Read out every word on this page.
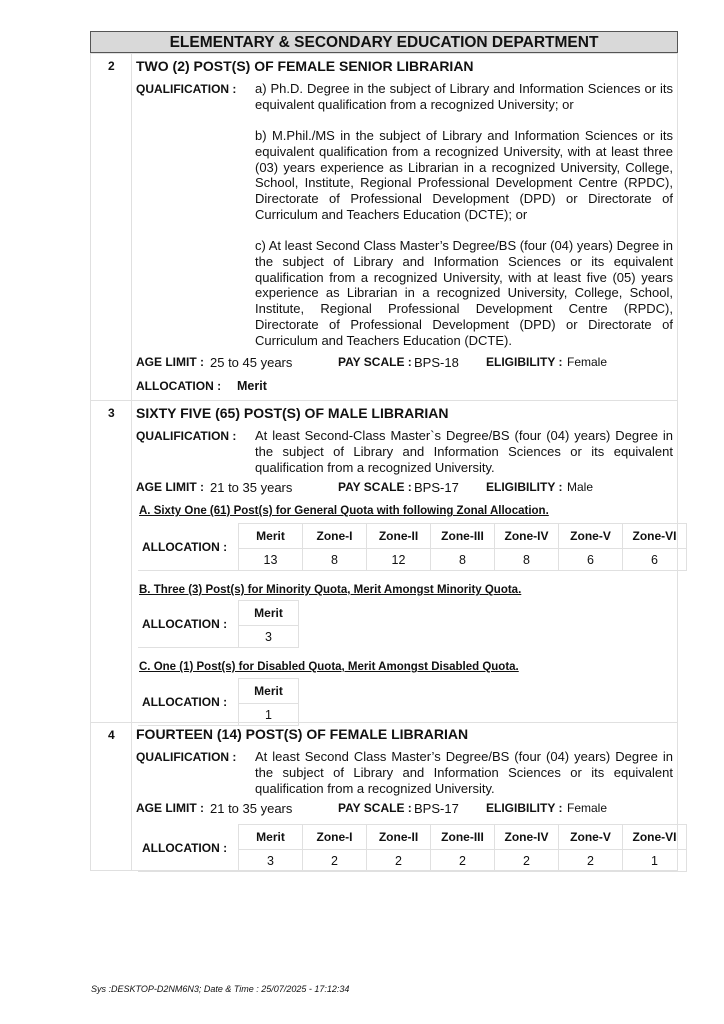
ELEMENTARY & SECONDARY EDUCATION DEPARTMENT
2 TWO (2) POST(S) OF FEMALE SENIOR LIBRARIAN
QUALIFICATION : a) Ph.D. Degree in the subject of Library and Information Sciences or its equivalent qualification from a recognized University; or
b) M.Phil./MS in the subject of Library and Information Sciences or its equivalent qualification from a recognized University, with at least three (03) years experience as Librarian in a recognized University, College, School, Institute, Regional Professional Development Centre (RPDC), Directorate of Professional Development (DPD) or Directorate of Curriculum and Teachers Education (DCTE); or
c) At least Second Class Master’s Degree/BS (four (04) years) Degree in the subject of Library and Information Sciences or its equivalent qualification from a recognized University, with at least five (05) years experience as Librarian in a recognized University, College, School, Institute, Regional Professional Development Centre (RPDC), Directorate of Professional Development (DPD) or Directorate of Curriculum and Teachers Education (DCTE).
AGE LIMIT : 25 to 45 years	PAY SCALE : BPS-18 ELIGIBILITY : Female
ALLOCATION : Merit
3 SIXTY FIVE (65) POST(S) OF MALE LIBRARIAN
QUALIFICATION : At least Second-Class Master`s Degree/BS (four (04) years) Degree in the subject of Library and Information Sciences or its equivalent qualification from a recognized University.
AGE LIMIT : 21 to 35 years	PAY SCALE : BPS-17 ELIGIBILITY : Male
A. Sixty One (61) Post(s) for General Quota with following Zonal Allocation.
ALLOCATION :	Merit	Zone-I	Zone-II	Zone-III	Zone-IV	Zone-V	Zone-VI
	13	8	12	8	8	6	6
B. Three (3) Post(s) for Minority Quota, Merit Amongst Minority Quota.
ALLOCATION :	Merit
3
C. One (1) Post(s) for Disabled Quota, Merit Amongst Disabled Quota.
ALLOCATION :	Merit
1
4 FOURTEEN (14) POST(S) OF FEMALE LIBRARIAN
QUALIFICATION : At least Second Class Master’s Degree/BS (four (04) years) Degree in the subject of Library and Information Sciences or its equivalent qualification from a recognized University.
AGE LIMIT : 21 to 35 years	PAY SCALE : BPS-17 ELIGIBILITY : Female
ALLOCATION :	Merit	Zone-I	Zone-II	Zone-III	Zone-IV	Zone-V	Zone-VI
	3	2	2	2	2	2	1
Sys :DESKTOP-D2NM6N3; Date & Time : 25/07/2025 - 17:12:34
